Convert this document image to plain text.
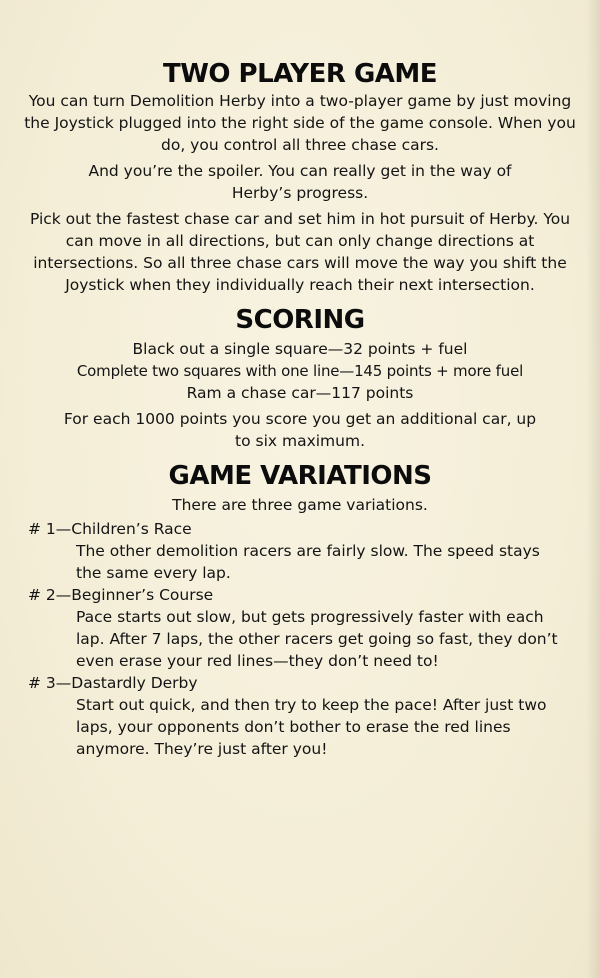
TWO PLAYER GAME

You can turn Demolition Herby into a two-player game by just moving the Joystick plugged into the right side of the game console. When you do, you control all three chase cars.

And you’re the spoiler. You can really get in the way of Herby’s progress.

Pick out the fastest chase car and set him in hot pursuit of Herby. You can move in all directions, but can only change directions at intersections. So all three chase cars will move the way you shift the Joystick when they individually reach their next intersection.

SCORING
Black out a single square—32 points + fuel
Complete two squares with one line—145 points + more fuel
Ram a chase car—117 points

For each 1000 points you score you get an additional car, up to six maximum.

GAME VARIATIONS
There are three game variations.
# 1—Children’s Race
The other demolition racers are fairly slow. The speed stays the same every lap.
# 2—Beginner’s Course
Pace starts out slow, but gets progressively faster with each lap. After 7 laps, the other racers get going so fast, they don’t even erase your red lines—they don’t need to!
# 3—Dastardly Derby
Start out quick, and then try to keep the pace! After just two laps, your opponents don’t bother to erase the red lines anymore. They’re just after you!
